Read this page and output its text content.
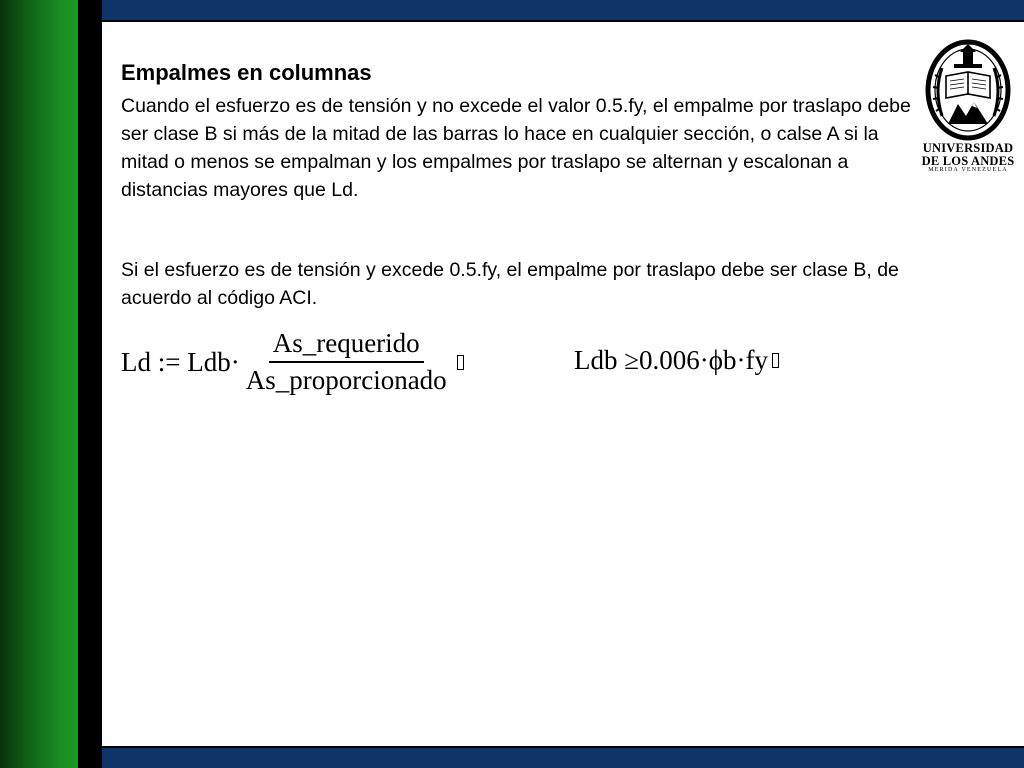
Empalmes en columnas

Cuando el esfuerzo es de tensión y no excede el valor 0.5.fy, el empalme por traslapo debe ser clase B si más de la mitad de las barras lo hace en cualquier sección, o calse A si la mitad o menos se empalman y los empalmes por traslapo se alternan y escalonan a distancias mayores que Ld.

Si el esfuerzo es de tensión y excede 0.5.fy, el empalme por traslapo debe ser clase B, de acuerdo al código ACI.

Ld := $Ldb\cdot \frac{\text{As\_requerido}}{\text{As\_proporcionado}}$	Ldb ≥0.006·ϕb·fy
UNIVERSIDAD
DE LOS ANDES
MERIDA VENEZUELA
